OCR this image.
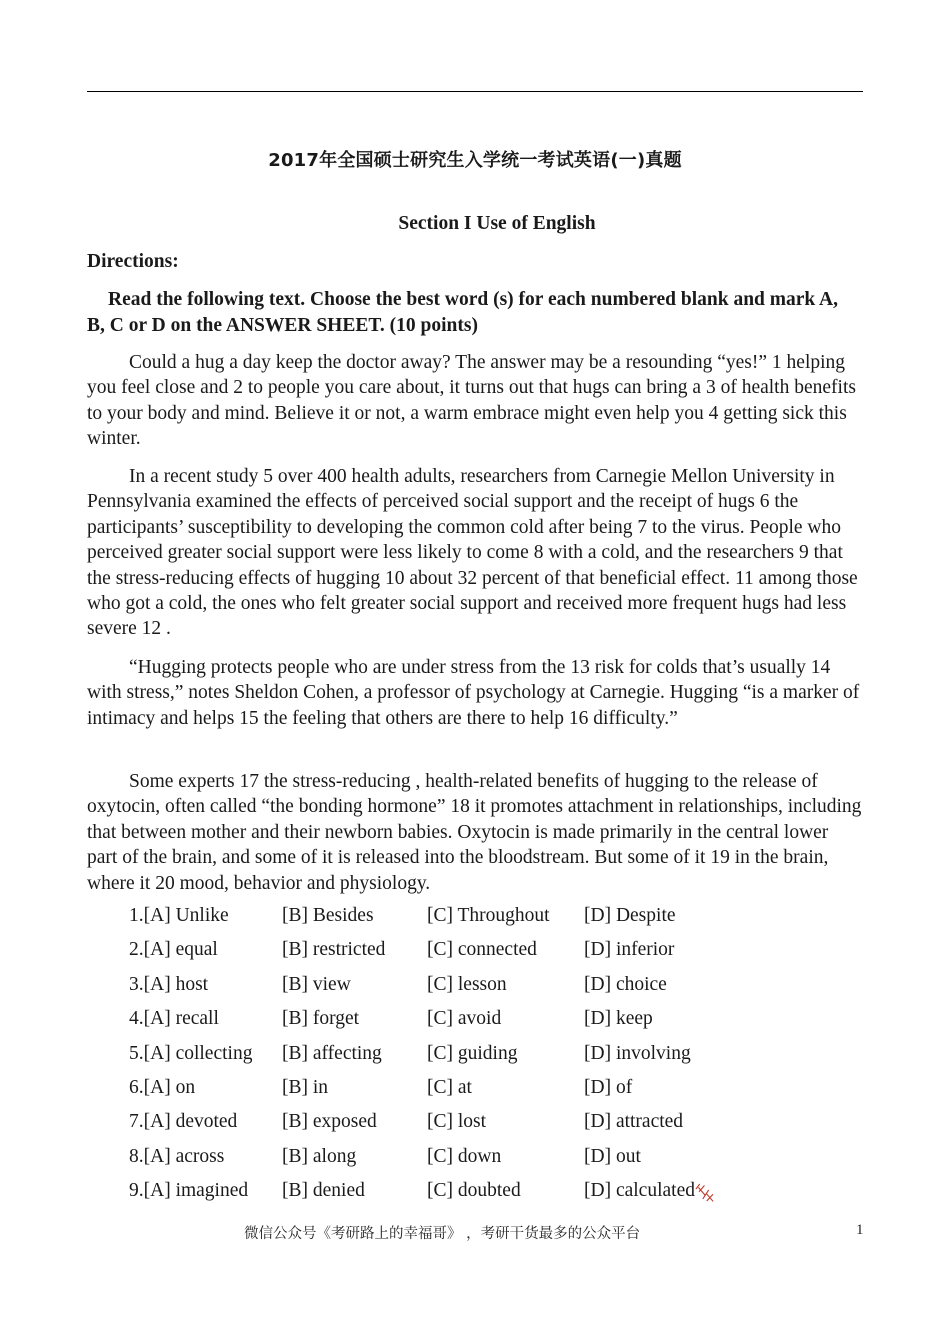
2017年全国硕士研究生入学统一考试英语(一)真题
Section I Use of English
Directions:
Read the following text. Choose the best word (s) for each numbered blank and mark A, B, C or D on the ANSWER SHEET. (10 points)

Could a hug a day keep the doctor away? The answer may be a resounding “yes!” 1 helping you feel close and 2 to people you care about, it turns out that hugs can bring a 3 of health benefits to your body and mind. Believe it or not, a warm embrace might even help you 4 getting sick this winter.

In a recent study 5 over 400 health adults, researchers from Carnegie Mellon University in Pennsylvania examined the effects of perceived social support and the receipt of hugs 6 the participants’ susceptibility to developing the common cold after being 7 to the virus. People who perceived greater social support were less likely to come 8 with a cold, and the researchers 9 that the stress-reducing effects of hugging 10 about 32 percent of that beneficial effect. 11 among those who got a cold, the ones who felt greater social support and received more frequent hugs had less severe 12 .

“Hugging protects people who are under stress from the 13 risk for colds that’s usually 14 with stress,” notes Sheldon Cohen, a professor of psychology at Carnegie. Hugging “is a marker of intimacy and helps 15 the feeling that others are there to help 16 difficulty.”

Some experts 17 the stress-reducing , health-related benefits of hugging to the release of oxytocin, often called “the bonding hormone” 18 it promotes attachment in relationships, including that between mother and their newborn babies. Oxytocin is made primarily in the central lower part of the brain, and some of it is released into the bloodstream. But some of it 19 in the brain, where it 20 mood, behavior and physiology.

1.[A] Unlike	[B] Besides	[C] Throughout [D] Despite
2.[A] equal	[B] restricted [C] connected [D] inferior
3.[A] host	[B] view	[C] lesson	[D] choice
4.[A] recall	[B] forget	[C] avoid	[D] keep
5.[A] collecting [B] affecting [C] guiding	[D] involving
6.[A] on	[B] in	[C] at	[D] of
7.[A] devoted [B] exposed	[C] lost	[D] attracted
8.[A] across	[B] along	[C] down	[D] out
9.[A] imagined [B] denied	[C] doubted	[D] calculated
微信公众号《考研路上的幸福哥》 ，考研干货最多的公众平台	1
